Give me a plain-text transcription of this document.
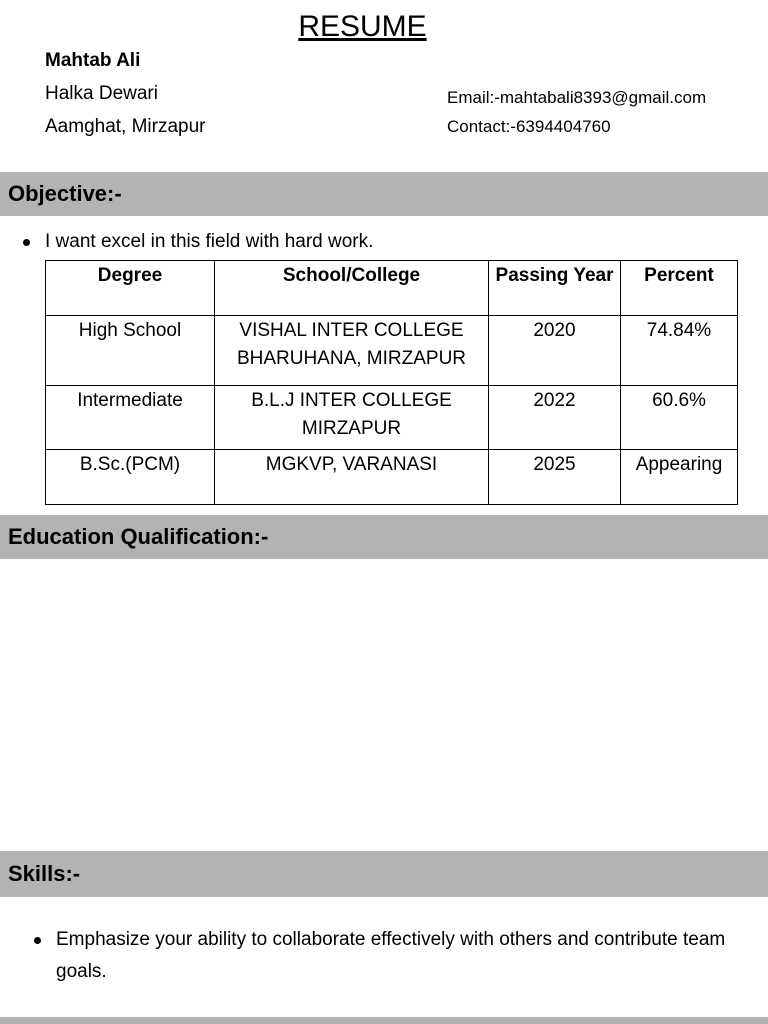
RESUME
Mahtab Ali
Halka Dewari
Aamghat, Mirzapur
Email:-mahtabali8393@gmail.com
Contact:-6394404760
Objective:-
I want excel in this field with hard work.
Degree	School/College	Passing Year	Percent
High School	VISHAL INTER COLLEGE BHARUHANA, MIRZAPUR	2020	74.84%
Intermediate	B.L.J INTER COLLEGE MIRZAPUR	2022	60.6%
B.Sc.(PCM)	MGKVP, VARANASI	2025	Appearing
Education Qualification:-
Skills:-
Emphasize your ability to collaborate effectively with others and contribute team goals.
